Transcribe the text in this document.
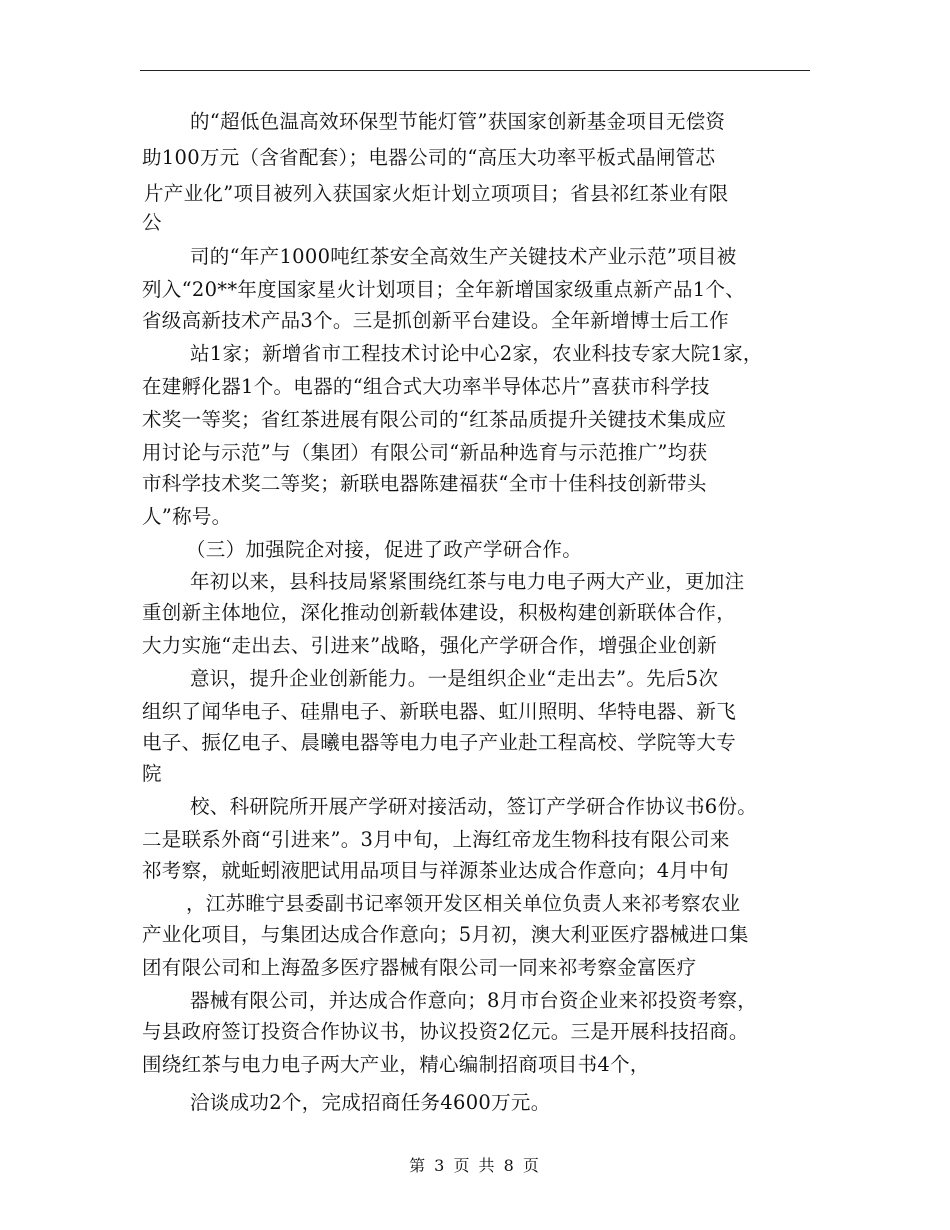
的“超低色温高效环保型节能灯管”获国家创新基金项目无偿资
助100万元（含省配套）；电器公司的“高压大功率平板式晶闸管芯
片产业化”项目被列入获国家火炬计划立项项目；省县祁红茶业有限
公
司的“年产1000吨红茶安全高效生产关键技术产业示范”项目被
列入“20**年度国家星火计划项目；全年新增国家级重点新产品1个、
省级高新技术产品3个。三是抓创新平台建设。全年新增博士后工作
站1家；新增省市工程技术讨论中心2家，农业科技专家大院1家，
在建孵化器1个。电器的“组合式大功率半导体芯片”喜获市科学技
术奖一等奖；省红茶进展有限公司的“红茶品质提升关键技术集成应
用讨论与示范”与（集团）有限公司“新品种选育与示范推广”均获
市科学技术奖二等奖；新联电器陈建福获“全市十佳科技创新带头
人”称号。
（三）加强院企对接，促进了政产学研合作。
年初以来，县科技局紧紧围绕红茶与电力电子两大产业，更加注
重创新主体地位，深化推动创新载体建设，积极构建创新联体合作，
大力实施“走出去、引进来”战略，强化产学研合作，增强企业创新
意识，提升企业创新能力。一是组织企业“走出去”。先后5次
组织了闻华电子、硅鼎电子、新联电器、虹川照明、华特电器、新飞
电子、振亿电子、晨曦电器等电力电子产业赴工程高校、学院等大专
院
校、科研院所开展产学研对接活动，签订产学研合作协议书6份。
二是联系外商“引进来”。3月中旬，上海红帝龙生物科技有限公司来
祁考察，就蚯蚓液肥试用品项目与祥源茶业达成合作意向；4月中旬
，江苏睢宁县委副书记率领开发区相关单位负责人来祁考察农业
产业化项目，与集团达成合作意向；5月初，澳大利亚医疗器械进口集
团有限公司和上海盈多医疗器械有限公司一同来祁考察金富医疗
器械有限公司，并达成合作意向；8月市台资企业来祁投资考察，
与县政府签订投资合作协议书，协议投资2亿元。三是开展科技招商。
围绕红茶与电力电子两大产业，精心编制招商项目书4个，
洽谈成功2个，完成招商任务4600万元。
第 3 页 共 8 页
